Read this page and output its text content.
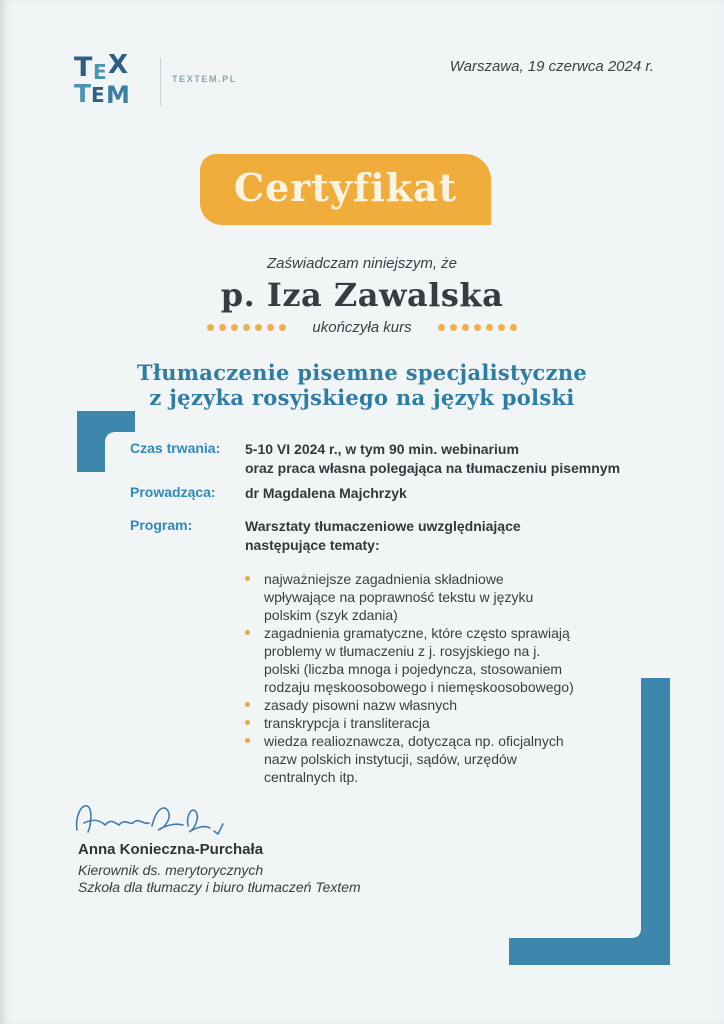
T E X
T E M
TEXTEM.PL
Warszawa, 19 czerwca 2024 r.
Certyfikat
Zaświadczam niniejszym, że
p. Iza Zawalska
ukończyła kurs
Tłumaczenie pisemne specjalistyczne
z języka rosyjskiego na język polski
Czas trwania: 5-10 VI 2024 r., w tym 90 min. webinarium
oraz praca własna polegająca na tłumaczeniu pisemnym
Prowadząca: dr Magdalena Majchrzyk
Program:	Warsztaty tłumaczeniowe uwzględniające następujące tematy:
najważniejsze zagadnienia składniowe wpływające na poprawność tekstu w języku polskim (szyk zdania)
zagadnienia gramatyczne, które często sprawiają problemy w tłumaczeniu z j. rosyjskiego na j. polski (liczba mnoga i pojedyncza, stosowaniem rodzaju męskoosobowego i niemęskoosobowego)
zasady pisowni nazw własnych
transkrypcja i transliteracja
wiedza realioznawcza, dotycząca np. oficjalnych nazw polskich instytucji, sądów, urzędów centralnych itp.
Anna Konieczna-Purchała
Kierownik ds. merytorycznych
Szkoła dla tłumaczy i biuro tłumaczeń Textem
